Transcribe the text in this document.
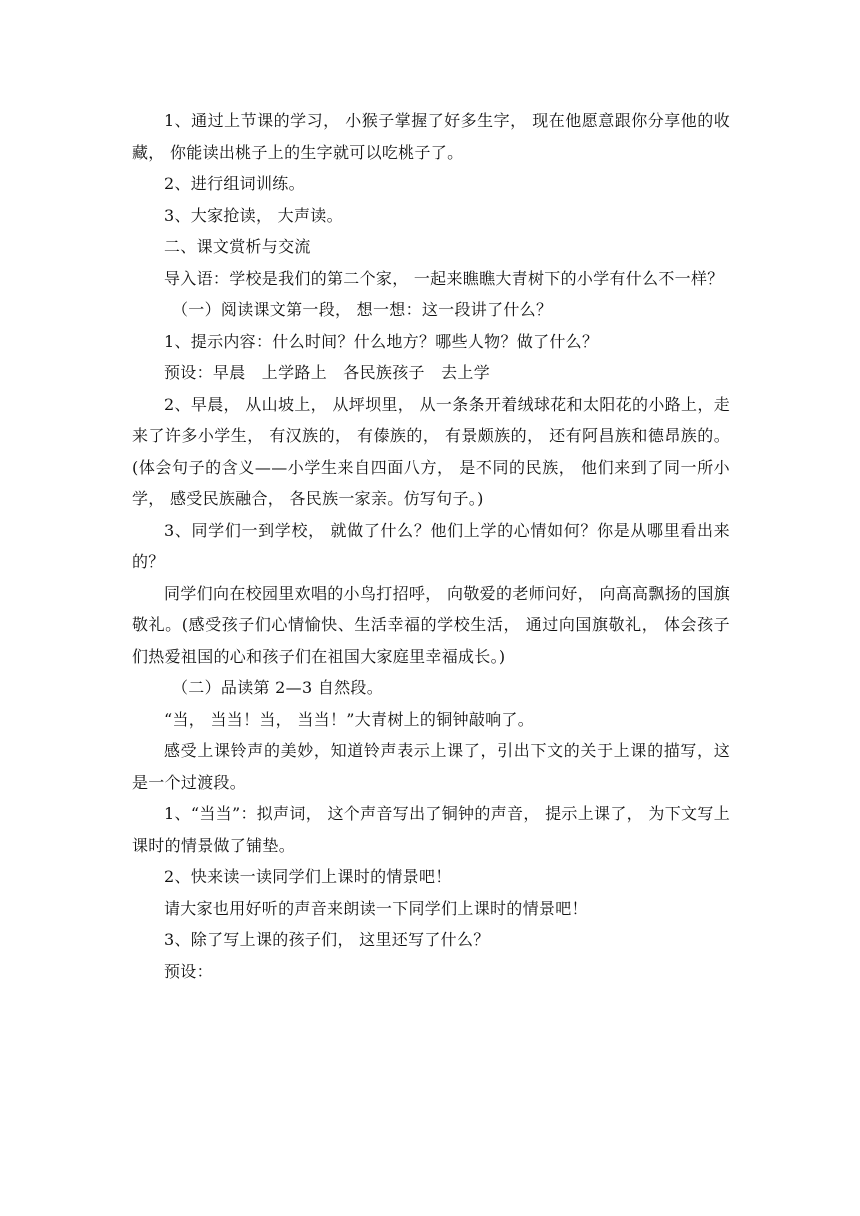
1、通过上节课的学习， 小猴子掌握了好多生字， 现在他愿意跟你分享他的收藏， 你能读出桃子上的生字就可以吃桃子了。

2、进行组词训练。

3、大家抢读， 大声读。

二、课文赏析与交流

导入语：学校是我们的第二个家， 一起来瞧瞧大青树下的小学有什么不一样？

（一）阅读课文第一段， 想一想：这一段讲了什么？

1、提示内容：什么时间？什么地方？哪些人物？做了什么？

预设：早晨　上学路上　各民族孩子　去上学

2、早晨， 从山坡上， 从坪坝里， 从一条条开着绒球花和太阳花的小路上，走来了许多小学生， 有汉族的， 有傣族的， 有景颇族的， 还有阿昌族和德昂族的。(体会句子的含义——小学生来自四面八方， 是不同的民族， 他们来到了同一所小学， 感受民族融合， 各民族一家亲。仿写句子。)

3、同学们一到学校， 就做了什么？他们上学的心情如何？你是从哪里看出来的？

同学们向在校园里欢唱的小鸟打招呼， 向敬爱的老师问好， 向高高飘扬的国旗敬礼。(感受孩子们心情愉快、生活幸福的学校生活， 通过向国旗敬礼， 体会孩子们热爱祖国的心和孩子们在祖国大家庭里幸福成长。)

（二）品读第 2—3 自然段。

“当， 当当！当， 当当！”大青树上的铜钟敲响了。

感受上课铃声的美妙，知道铃声表示上课了，引出下文的关于上课的描写，这是一个过渡段。

1、“当当”：拟声词， 这个声音写出了铜钟的声音， 提示上课了， 为下文写上课时的情景做了铺垫。

2、快来读一读同学们上课时的情景吧！

请大家也用好听的声音来朗读一下同学们上课时的情景吧！

3、除了写上课的孩子们， 这里还写了什么？

预设：
